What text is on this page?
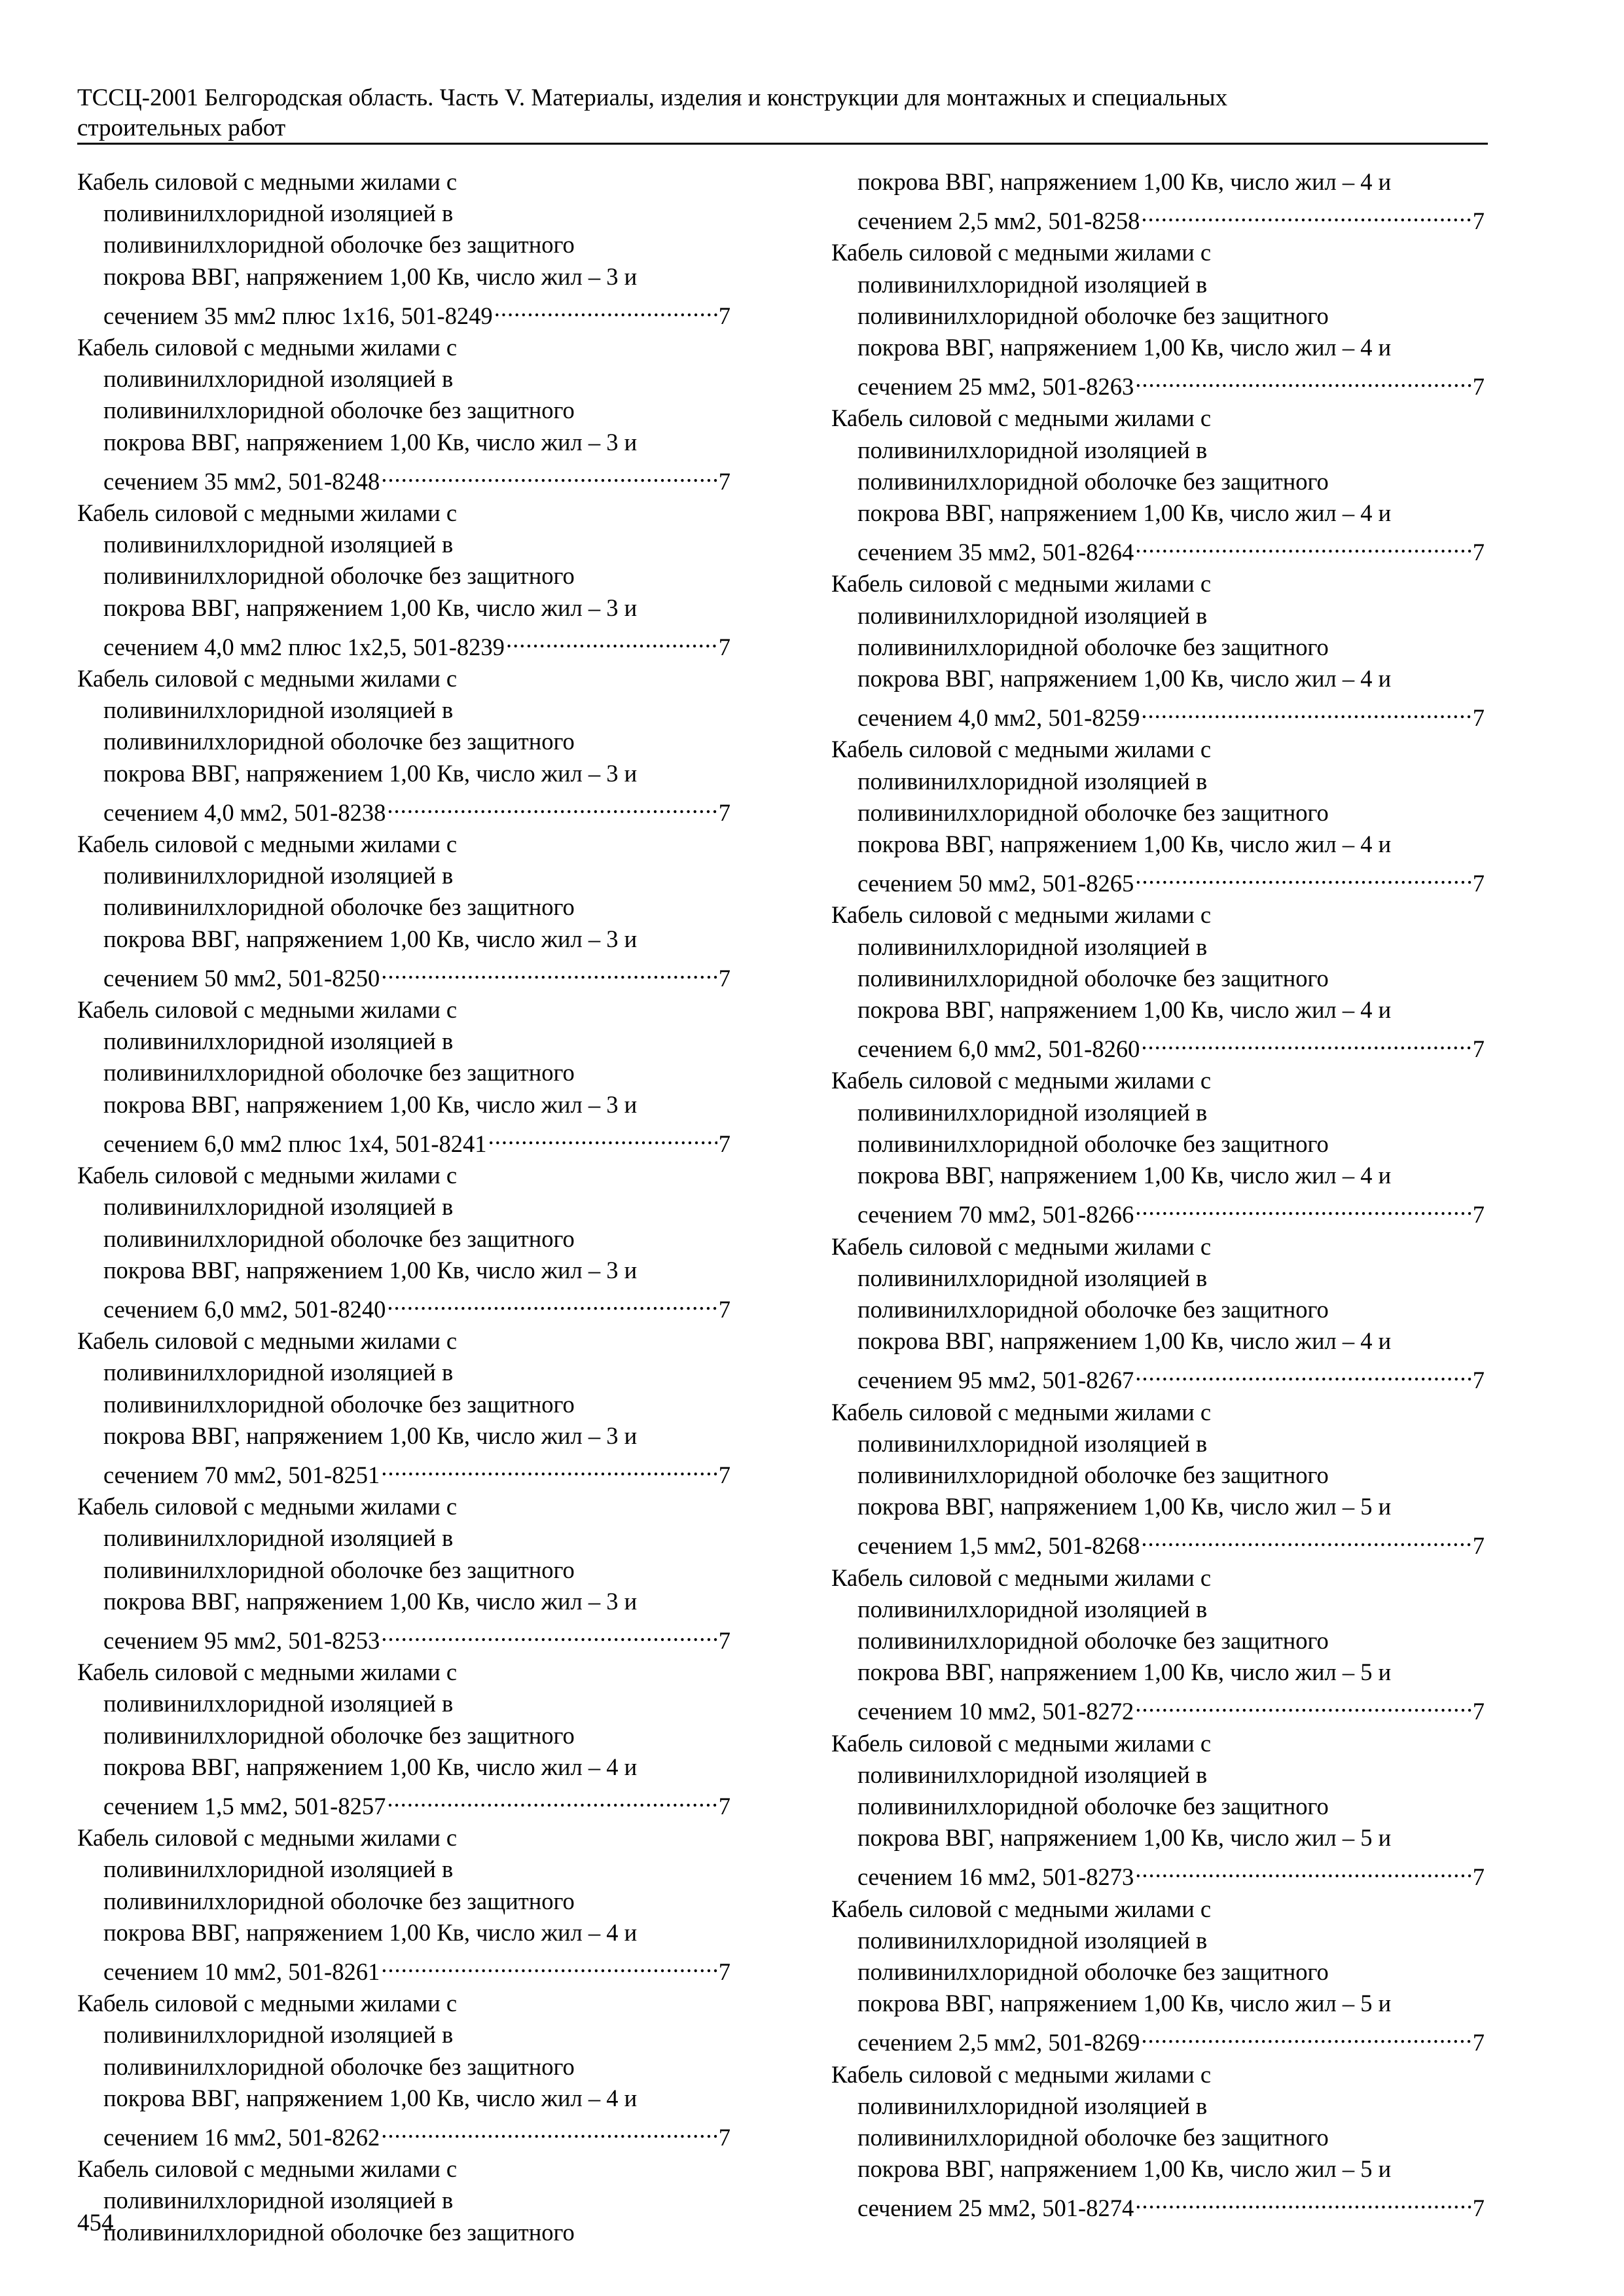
ТССЦ-2001 Белгородская область. Часть V. Материалы, изделия и конструкции для монтажных и специальных
строительных работ
Кабель силовой с медными жилами с
поливинилхлоридной изоляцией в
поливинилхлоридной оболочке без защитного
покрова ВВГ, напряжением 1,00 Кв, число жил – 3 и
сечением 35 мм2 плюс 1х16, 501-8249 .....	7
Кабель силовой с медными жилами с
поливинилхлоридной изоляцией в
поливинилхлоридной оболочке без защитного
покрова ВВГ, напряжением 1,00 Кв, число жил – 3 и
сечением 35 мм2, 501-8248 .....	7
Кабель силовой с медными жилами с
поливинилхлоридной изоляцией в
поливинилхлоридной оболочке без защитного
покрова ВВГ, напряжением 1,00 Кв, число жил – 3 и
сечением 4,0 мм2 плюс 1х2,5, 501-8239 .....	7
Кабель силовой с медными жилами с
поливинилхлоридной изоляцией в
поливинилхлоридной оболочке без защитного
покрова ВВГ, напряжением 1,00 Кв, число жил – 3 и
сечением 4,0 мм2, 501-8238 .....	7
Кабель силовой с медными жилами с
поливинилхлоридной изоляцией в
поливинилхлоридной оболочке без защитного
покрова ВВГ, напряжением 1,00 Кв, число жил – 3 и
сечением 50 мм2, 501-8250 .....	7
Кабель силовой с медными жилами с
поливинилхлоридной изоляцией в
поливинилхлоридной оболочке без защитного
покрова ВВГ, напряжением 1,00 Кв, число жил – 3 и
сечением 6,0 мм2 плюс 1х4, 501-8241 .....	7
Кабель силовой с медными жилами с
поливинилхлоридной изоляцией в
поливинилхлоридной оболочке без защитного
покрова ВВГ, напряжением 1,00 Кв, число жил – 3 и
сечением 6,0 мм2, 501-8240 .....	7
Кабель силовой с медными жилами с
поливинилхлоридной изоляцией в
поливинилхлоридной оболочке без защитного
покрова ВВГ, напряжением 1,00 Кв, число жил – 3 и
сечением 70 мм2, 501-8251 .....	7
Кабель силовой с медными жилами с
поливинилхлоридной изоляцией в
поливинилхлоридной оболочке без защитного
покрова ВВГ, напряжением 1,00 Кв, число жил – 3 и
сечением 95 мм2, 501-8253 .....	7
Кабель силовой с медными жилами с
поливинилхлоридной изоляцией в
поливинилхлоридной оболочке без защитного
покрова ВВГ, напряжением 1,00 Кв, число жил – 4 и
сечением 1,5 мм2, 501-8257 .....	7
Кабель силовой с медными жилами с
поливинилхлоридной изоляцией в
поливинилхлоридной оболочке без защитного
покрова ВВГ, напряжением 1,00 Кв, число жил – 4 и
сечением 10 мм2, 501-8261 .....	7
Кабель силовой с медными жилами с
поливинилхлоридной изоляцией в
поливинилхлоридной оболочке без защитного
покрова ВВГ, напряжением 1,00 Кв, число жил – 4 и
сечением 16 мм2, 501-8262 .....	7
Кабель силовой с медными жилами с
поливинилхлоридной изоляцией в
поливинилхлоридной оболочке без защитного
покрова ВВГ, напряжением 1,00 Кв, число жил – 4 и
сечением 2,5 мм2, 501-8258 .....	7
Кабель силовой с медными жилами с
поливинилхлоридной изоляцией в
поливинилхлоридной оболочке без защитного
покрова ВВГ, напряжением 1,00 Кв, число жил – 4 и
сечением 25 мм2, 501-8263 .....	7
Кабель силовой с медными жилами с
поливинилхлоридной изоляцией в
поливинилхлоридной оболочке без защитного
покрова ВВГ, напряжением 1,00 Кв, число жил – 4 и
сечением 35 мм2, 501-8264 .....	7
Кабель силовой с медными жилами с
поливинилхлоридной изоляцией в
поливинилхлоридной оболочке без защитного
покрова ВВГ, напряжением 1,00 Кв, число жил – 4 и
сечением 4,0 мм2, 501-8259 .....	7
Кабель силовой с медными жилами с
поливинилхлоридной изоляцией в
поливинилхлоридной оболочке без защитного
покрова ВВГ, напряжением 1,00 Кв, число жил – 4 и
сечением 50 мм2, 501-8265 .....	7
Кабель силовой с медными жилами с
поливинилхлоридной изоляцией в
поливинилхлоридной оболочке без защитного
покрова ВВГ, напряжением 1,00 Кв, число жил – 4 и
сечением 6,0 мм2, 501-8260 .....	7
Кабель силовой с медными жилами с
поливинилхлоридной изоляцией в
поливинилхлоридной оболочке без защитного
покрова ВВГ, напряжением 1,00 Кв, число жил – 4 и
сечением 70 мм2, 501-8266 .....	7
Кабель силовой с медными жилами с
поливинилхлоридной изоляцией в
поливинилхлоридной оболочке без защитного
покрова ВВГ, напряжением 1,00 Кв, число жил – 4 и
сечением 95 мм2, 501-8267 .....	7
Кабель силовой с медными жилами с
поливинилхлоридной изоляцией в
поливинилхлоридной оболочке без защитного
покрова ВВГ, напряжением 1,00 Кв, число жил – 5 и
сечением 1,5 мм2, 501-8268 .....	7
Кабель силовой с медными жилами с
поливинилхлоридной изоляцией в
поливинилхлоридной оболочке без защитного
покрова ВВГ, напряжением 1,00 Кв, число жил – 5 и
сечением 10 мм2, 501-8272 .....	7
Кабель силовой с медными жилами с
поливинилхлоридной изоляцией в
поливинилхлоридной оболочке без защитного
покрова ВВГ, напряжением 1,00 Кв, число жил – 5 и
сечением 16 мм2, 501-8273 .....	7
Кабель силовой с медными жилами с
поливинилхлоридной изоляцией в
поливинилхлоридной оболочке без защитного
покрова ВВГ, напряжением 1,00 Кв, число жил – 5 и
сечением 2,5 мм2, 501-8269 .....	7
Кабель силовой с медными жилами с
поливинилхлоридной изоляцией в
поливинилхлоридной оболочке без защитного
покрова ВВГ, напряжением 1,00 Кв, число жил – 5 и
сечением 25 мм2, 501-8274 .....	7
454
